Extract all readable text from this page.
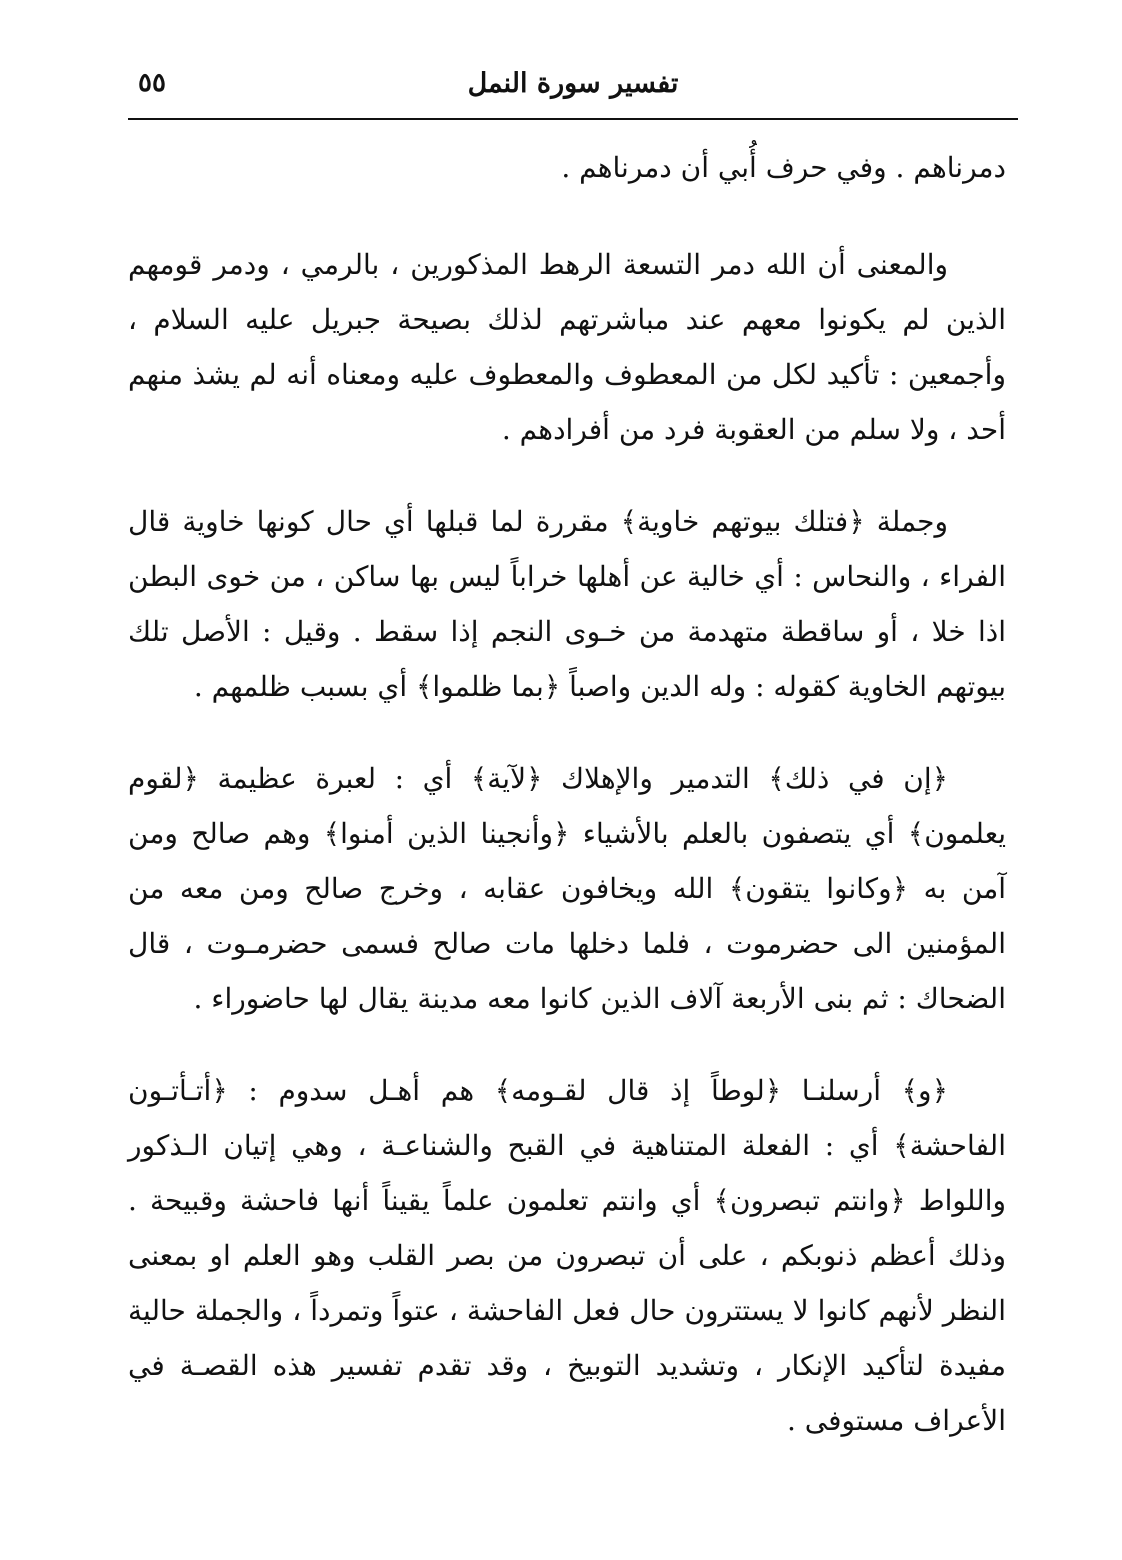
تفسير سورة النمل
٥٥

دمرناهم . وفي حرف أُبي أن دمرناهم .

والمعنى أن الله دمر التسعة الرهط المذكورين ، بالرمي ، ودمر قومهم الذين لم يكونوا معهم عند مباشرتهم لذلك بصيحة جبريل عليه السلام ، وأجمعين : تأكيد لكل من المعطوف والمعطوف عليه ومعناه أنه لم يشذ منهم أحد ، ولا سلم من العقوبة فرد من أفرادهم .

وجملة ﴿فتلك بيوتهم خاوية﴾ مقررة لما قبلها أي حال كونها خاوية قال الفراء ، والنحاس : أي خالية عن أهلها خراباً ليس بها ساكن ، من خوى البطن اذا خلا ، أو ساقطة متهدمة من خـوى النجم إذا سقط . وقيل : الأصل تلك بيوتهم الخاوية كقوله : وله الدين واصباً ﴿بما ظلموا﴾ أي بسبب ظلمهم .

﴿إن في ذلك﴾ التدمير والإهلاك ﴿لآية﴾ أي : لعبرة عظيمة ﴿لقوم يعلمون﴾ أي يتصفون بالعلم بالأشياء ﴿وأنجينا الذين أمنوا﴾ وهم صالح ومن آمن به ﴿وكانوا يتقون﴾ الله ويخافون عقابه ، وخرج صالح ومن معه من المؤمنين الى حضرموت ، فلما دخلها مات صالح فسمى حضرمـوت ، قال الضحاك : ثم بنى الأربعة آلاف الذين كانوا معه مدينة يقال لها حاضوراء .

﴿و﴾ أرسلنـا ﴿لوطاً إذ قال لقـومه﴾ هم أهـل سدوم : ﴿أتـأتـون الفاحشة﴾ أي : الفعلة المتناهية في القبح والشناعـة ، وهي إتيان الـذكور واللواط ﴿وانتم تبصرون﴾ أي وانتم تعلمون علماً يقيناً أنها فاحشة وقبيحة . وذلك أعظم ذنوبكم ، على أن تبصرون من بصر القلب وهو العلم او بمعنى النظر لأنهم كانوا لا يستترون حال فعل الفاحشة ، عتواً وتمرداً ، والجملة حالية مفيدة لتأكيد الإنكار ، وتشديد التوبيخ ، وقد تقدم تفسير هذه القصـة في الأعراف مستوفى .
